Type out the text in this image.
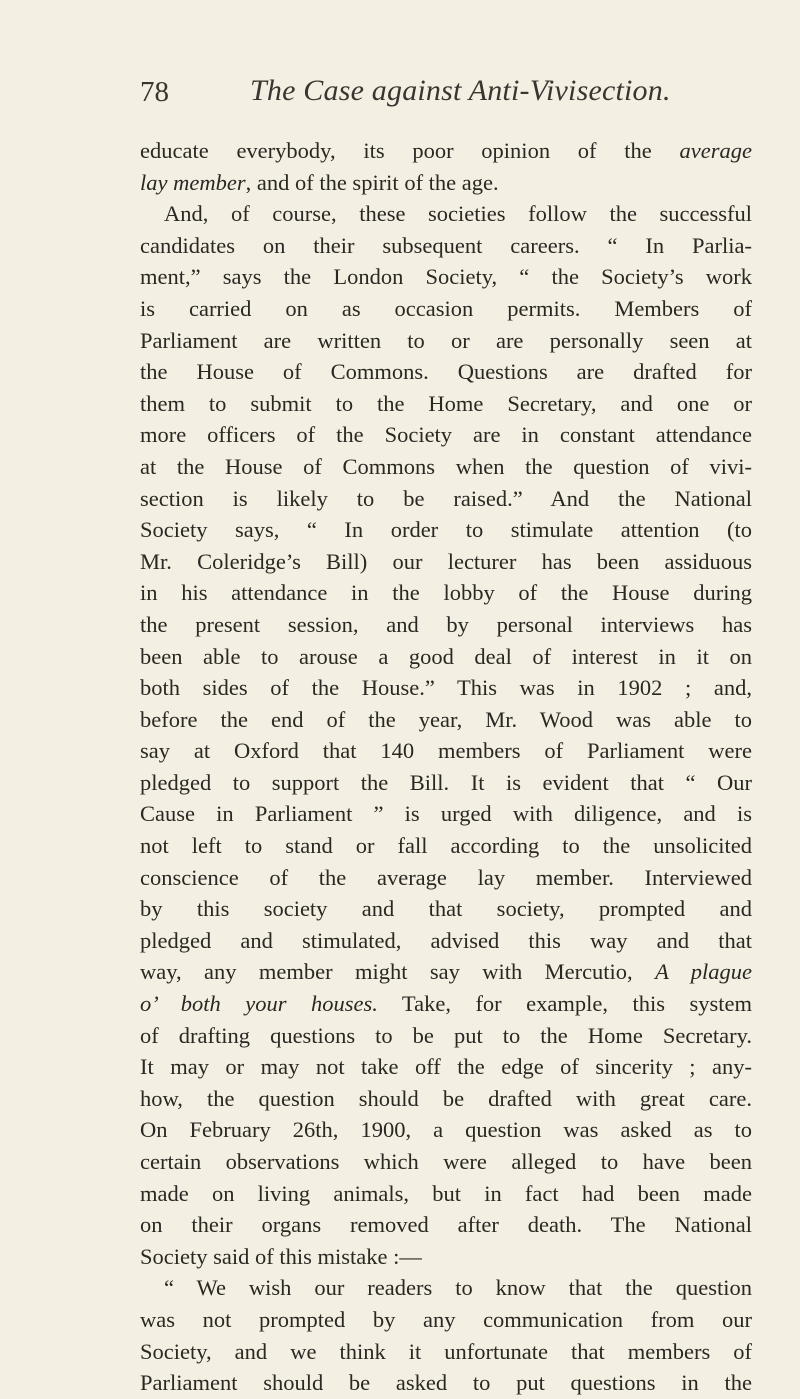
78	The Case against Anti-Vivisection.
educate everybody, its poor opinion of the average
lay member, and of the spirit of the age.
And, of course, these societies follow the successful
candidates on their subsequent careers. “ In Parlia-
ment,” says the London Society, “ the Society’s work
is carried on as occasion permits. Members of
Parliament are written to or are personally seen at
the House of Commons. Questions are drafted for
them to submit to the Home Secretary, and one or
more officers of the Society are in constant attendance
at the House of Commons when the question of vivi-
section is likely to be raised.” And the National
Society says, “ In order to stimulate attention (to
Mr. Coleridge’s Bill) our lecturer has been assiduous
in his attendance in the lobby of the House during
the present session, and by personal interviews has
been able to arouse a good deal of interest in it on
both sides of the House.” This was in 1902 ; and,
before the end of the year, Mr. Wood was able to
say at Oxford that 140 members of Parliament were
pledged to support the Bill. It is evident that “ Our
Cause in Parliament ” is urged with diligence, and is
not left to stand or fall according to the unsolicited
conscience of the average lay member. Interviewed
by this society and that society, prompted and
pledged and stimulated, advised this way and that
way, any member might say with Mercutio, A plague
o’ both your houses. Take, for example, this system
of drafting questions to be put to the Home Secretary.
It may or may not take off the edge of sincerity ; any-
how, the question should be drafted with great care.
On February 26th, 1900, a question was asked as to
certain observations which were alleged to have been
made on living animals, but in fact had been made
on their organs removed after death. The National
Society said of this mistake :—
“ We wish our readers to know that the question
was not prompted by any communication from our
Society, and we think it unfortunate that members of
Parliament should be asked to put questions in the
